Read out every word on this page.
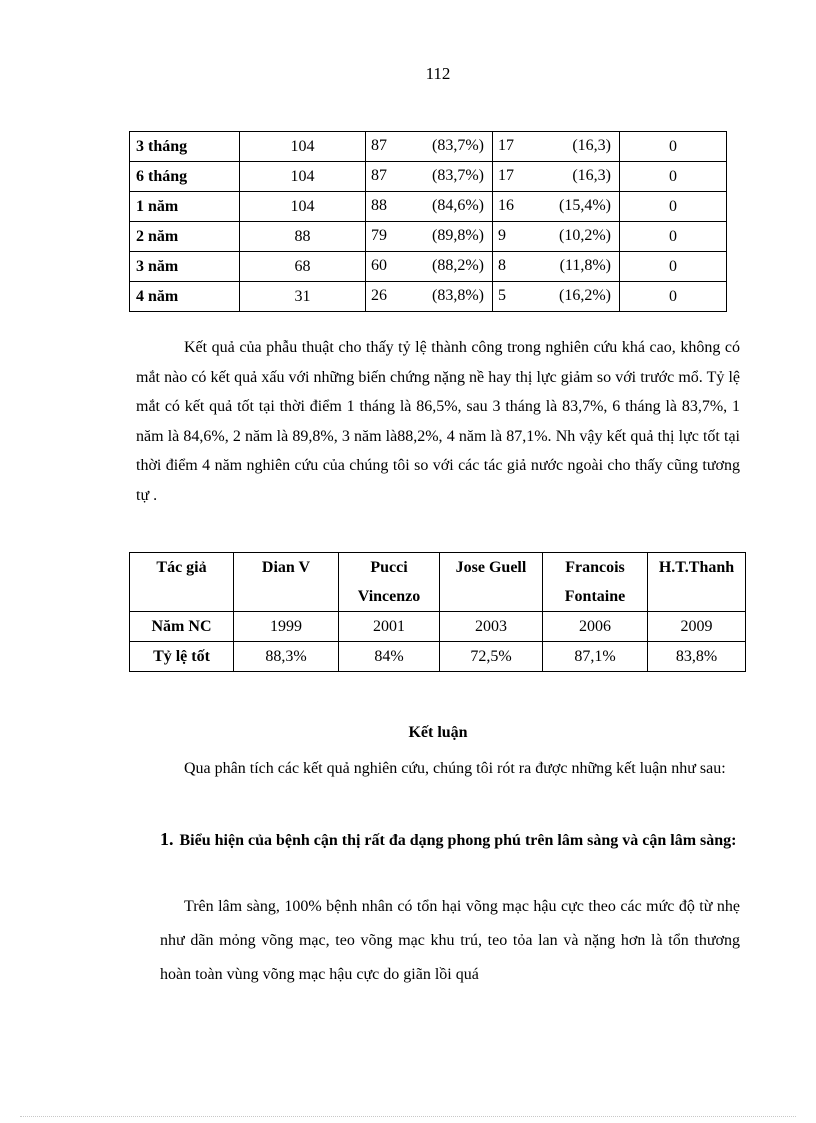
112
3 tháng	104	87 (83,7%)	17 (16,3)	0
6 tháng	104	87 (83,7%)	17 (16,3)	0
1 năm	104	88 (84,6%)	16 (15,4%)	0
2 năm	88	79 (89,8%)	9 (10,2%)	0
3 năm	68	60 (88,2%)	8 (11,8%)	0
4 năm	31	26 (83,8%)	5 (16,2%)	0

Kết quả của phẫu thuật cho thấy tỷ lệ thành công trong nghiên cứu khá cao, không có mắt nào có kết quả xấu với những biến chứng nặng nề hay thị lực giảm so với trước mổ. Tỷ lệ mắt có kết quả tốt tại thời điểm 1 tháng là 86,5%, sau 3 tháng là 83,7%, 6 tháng là 83,7%, 1 năm là 84,6%, 2 năm là 89,8%, 3 năm là88,2%, 4 năm là 87,1%. Nh vậy kết quả thị lực tốt tại thời điểm 4 năm nghiên cứu của chúng tôi so với các tác giả nước ngoài cho thấy cũng tương tự .

Tác giả	Dian V	Pucci Vincenzo	Jose Guell	Francois Fontaine	H.T.Thanh
Năm NC	1999	2001	2003	2006	2009
Tỷ lệ tốt	88,3%	84%	72,5%	87,1%	83,8%
Kết luận

Qua phân tích các kết quả nghiên cứu, chúng tôi rót ra được những kết luận như sau:

1. Biểu hiện của bệnh cận thị rất đa dạng phong phú trên lâm sàng và cận lâm sàng:

Trên lâm sàng, 100% bệnh nhân có tổn hại võng mạc hậu cực theo các mức độ từ nhẹ như dãn mỏng võng mạc, teo võng mạc khu trú, teo tỏa lan và nặng hơn là tổn thương hoàn toàn vùng võng mạc hậu cực do giãn lồi quá
